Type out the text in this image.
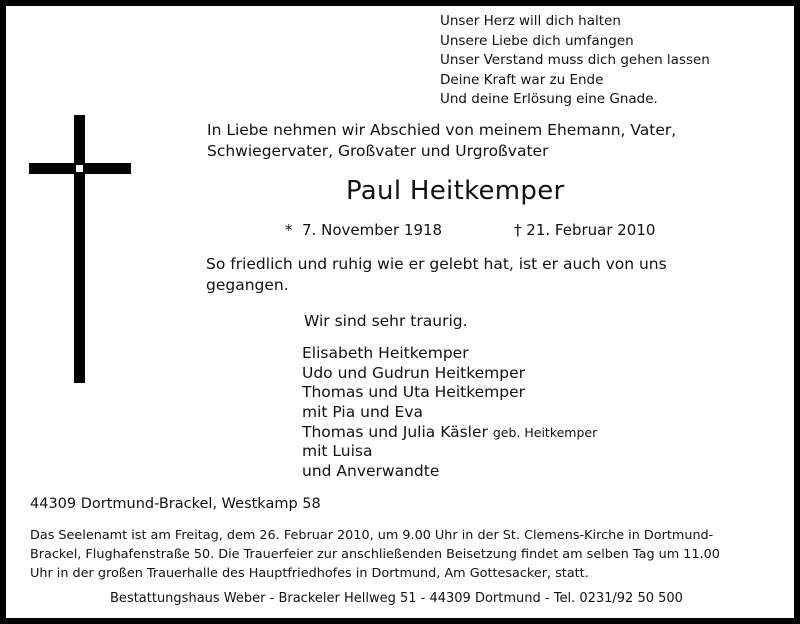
Unser Herz will dich halten
Unsere Liebe dich umfangen
Unser Verstand muss dich gehen lassen
Deine Kraft war zu Ende
Und deine Erlösung eine Gnade.
In Liebe nehmen wir Abschied von meinem Ehemann, Vater,
Schwiegervater, Großvater und Urgroßvater
Paul Heitkemper
* 7. November 1918	† 21. Februar 2010
So friedlich und ruhig wie er gelebt hat, ist er auch von uns
gegangen.
Wir sind sehr traurig.
Elisabeth Heitkemper
Udo und Gudrun Heitkemper
Thomas und Uta Heitkemper
mit Pia und Eva
Thomas und Julia Käsler geb. Heitkemper
mit Luisa
und Anverwandte
44309 Dortmund-Brackel, Westkamp 58
Das Seelenamt ist am Freitag, dem 26. Februar 2010, um 9.00 Uhr in der St. Clemens-Kirche in Dortmund-
Brackel, Flughafenstraße 50. Die Trauerfeier zur anschließenden Beisetzung findet am selben Tag um 11.00
Uhr in der großen Trauerhalle des Hauptfriedhofes in Dortmund, Am Gottesacker, statt.
Bestattungshaus Weber - Brackeler Hellweg 51 - 44309 Dortmund - Tel. 0231/92 50 500
